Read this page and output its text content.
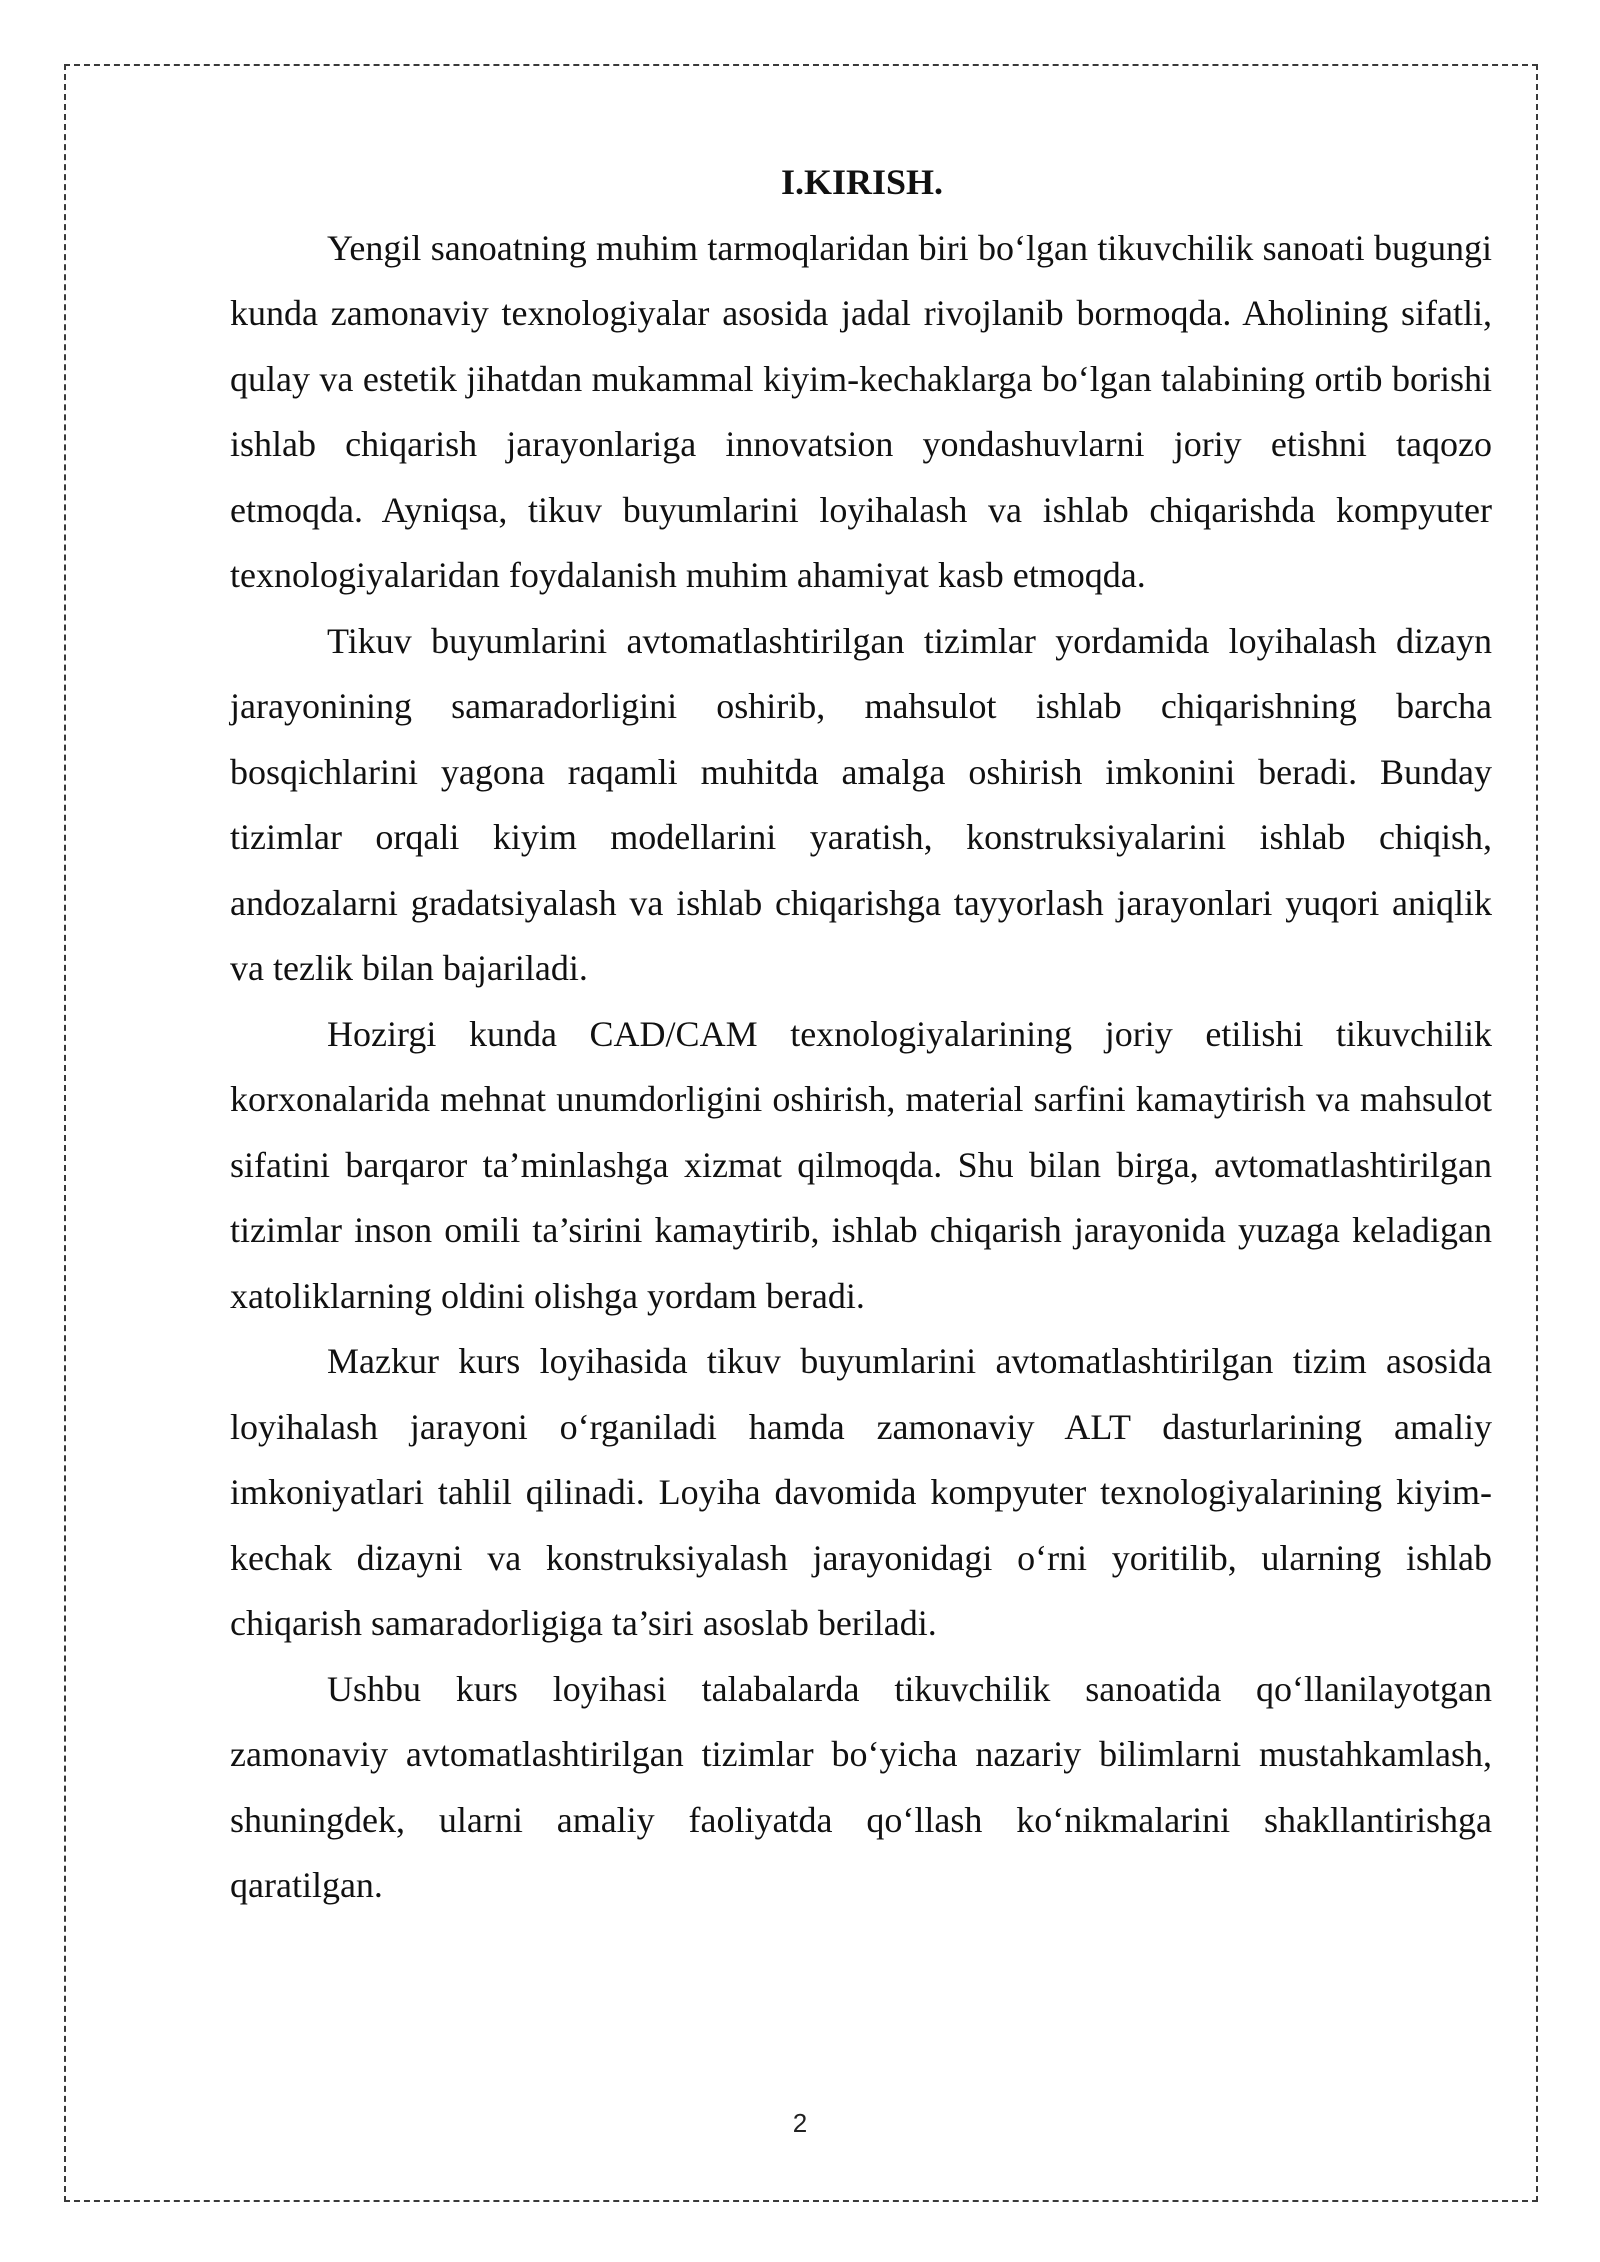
I.KIRISH.

Yengil sanoatning muhim tarmoqlaridan biri bo‘lgan tikuvchilik sanoati bugungi kunda zamonaviy texnologiyalar asosida jadal rivojlanib bormoqda. Aholining sifatli, qulay va estetik jihatdan mukammal kiyim-kechaklarga bo‘lgan talabining ortib borishi ishlab chiqarish jarayonlariga innovatsion yondashuvlarni joriy etishni taqozo etmoqda. Ayniqsa, tikuv buyumlarini loyihalash va ishlab chiqarishda kompyuter texnologiyalaridan foydalanish muhim ahamiyat kasb etmoqda.

Tikuv buyumlarini avtomatlashtirilgan tizimlar yordamida loyihalash dizayn jarayonining samaradorligini oshirib, mahsulot ishlab chiqarishning barcha bosqichlarini yagona raqamli muhitda amalga oshirish imkonini beradi. Bunday tizimlar orqali kiyim modellarini yaratish, konstruksiyalarini ishlab chiqish, andozalarni gradatsiyalash va ishlab chiqarishga tayyorlash jarayonlari yuqori aniqlik va tezlik bilan bajariladi.

Hozirgi kunda CAD/CAM texnologiyalarining joriy etilishi tikuvchilik korxonalarida mehnat unumdorligini oshirish, material sarfini kamaytirish va mahsulot sifatini barqaror ta’minlashga xizmat qilmoqda. Shu bilan birga, avtomatlashtirilgan tizimlar inson omili ta’sirini kamaytirib, ishlab chiqarish jarayonida yuzaga keladigan xatoliklarning oldini olishga yordam beradi.

Mazkur kurs loyihasida tikuv buyumlarini avtomatlashtirilgan tizim asosida loyihalash jarayoni o‘rganiladi hamda zamonaviy ALT dasturlarining amaliy imkoniyatlari tahlil qilinadi. Loyiha davomida kompyuter texnologiyalarining kiyim-kechak dizayni va konstruksiyalash jarayonidagi o‘rni yoritilib, ularning ishlab chiqarish samaradorligiga ta’siri asoslab beriladi.

Ushbu kurs loyihasi talabalarda tikuvchilik sanoatida qo‘llanilayotgan zamonaviy avtomatlashtirilgan tizimlar bo‘yicha nazariy bilimlarni mustahkamlash, shuningdek, ularni amaliy faoliyatda qo‘llash ko‘nikmalarini shakllantirishga qaratilgan.

2
